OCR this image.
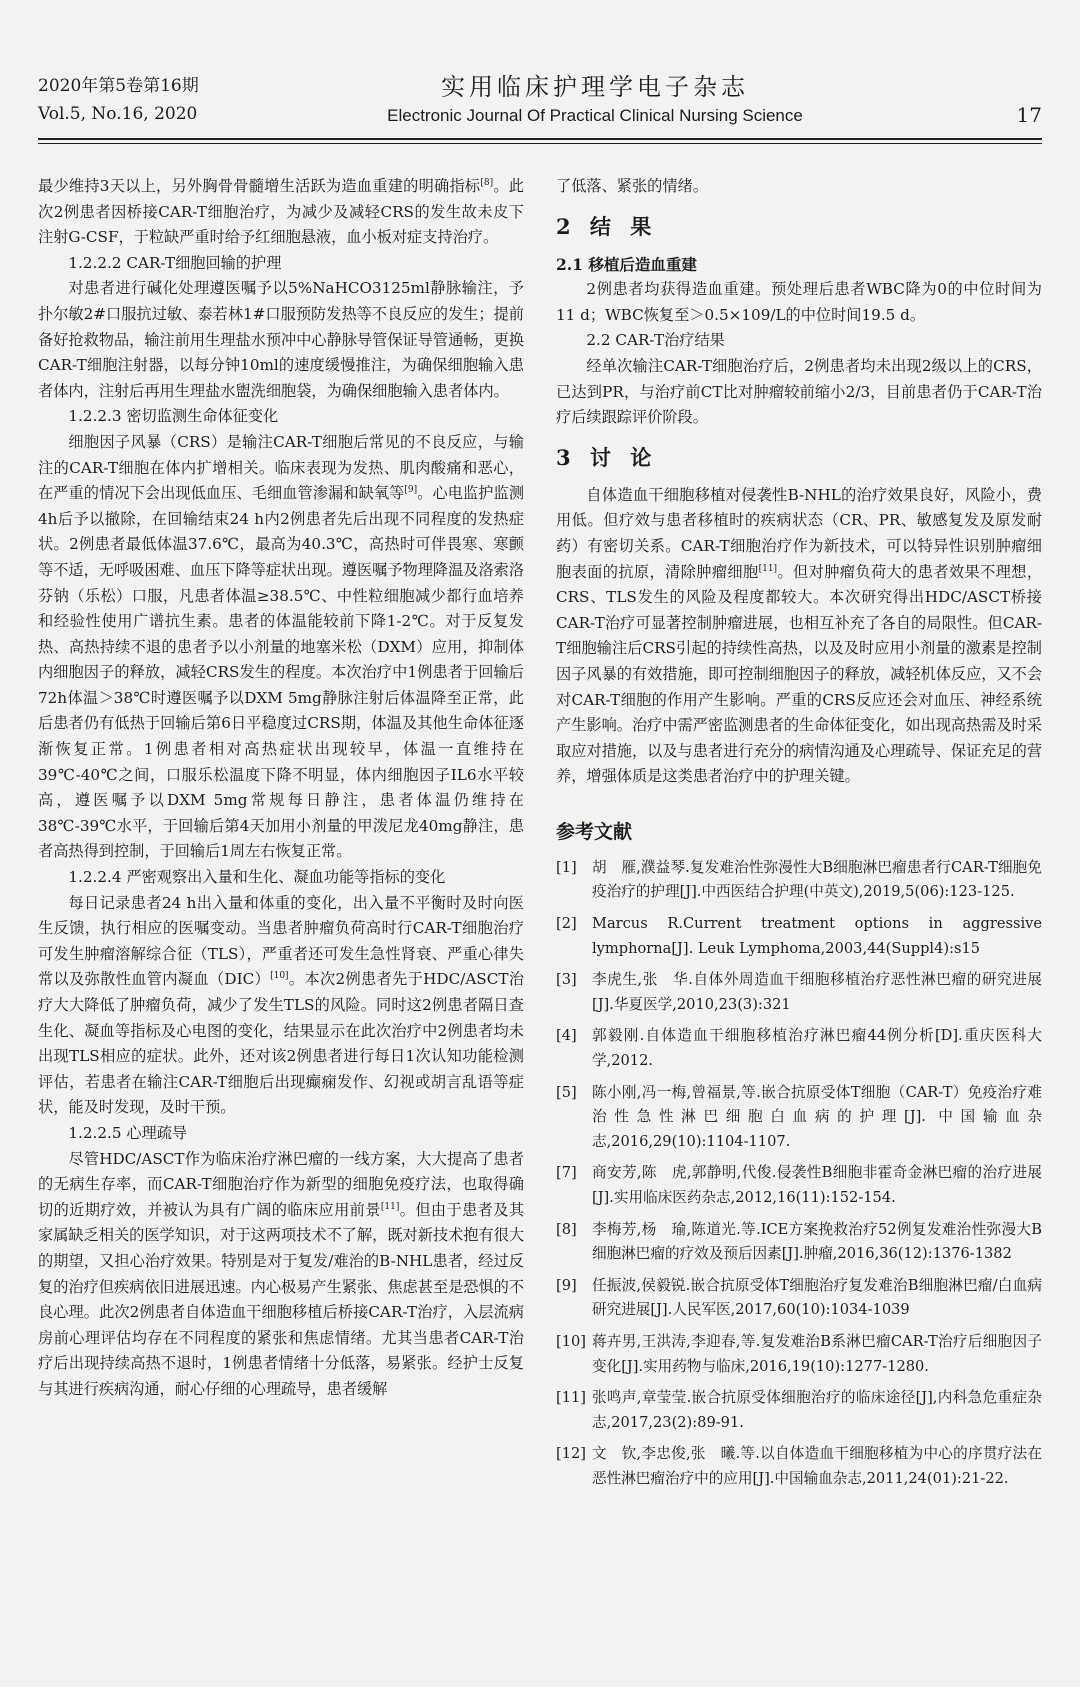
2020年第5卷第16期
Vol.5, No.16, 2020
实用临床护理学电子杂志
Electronic Journal Of Practical Clinical Nursing Science	17

最少维持3天以上，另外胸骨骨髓增生活跃为造血重建的明确指标[8]。此次2例患者因桥接CAR-T细胞治疗，为减少及减轻CRS的发生故未皮下注射G-CSF，于粒缺严重时给予红细胞悬液，血小板对症支持治疗。

1.2.2.2 CAR-T细胞回输的护理

对患者进行碱化处理遵医嘱予以5%NaHCO3125ml静脉输注，予扑尔敏2#口服抗过敏、泰若林1#口服预防发热等不良反应的发生；提前备好抢救物品，输注前用生理盐水预冲中心静脉导管保证导管通畅，更换CAR-T细胞注射器，以每分钟10ml的速度缓慢推注，为确保细胞输入患者体内，注射后再用生理盐水盥洗细胞袋，为确保细胞输入患者体内。

1.2.2.3 密切监测生命体征变化

细胞因子风暴（CRS）是输注CAR-T细胞后常见的不良反应，与输注的CAR-T细胞在体内扩增相关。临床表现为发热、肌肉酸痛和恶心，在严重的情况下会出现低血压、毛细血管渗漏和缺氧等[9]。心电监护监测4h后予以撤除，在回输结束24 h内2例患者先后出现不同程度的发热症状。2例患者最低体温37.6℃，最高为40.3℃，高热时可伴畏寒、寒颤等不适，无呼吸困难、血压下降等症状出现。遵医嘱予物理降温及洛索洛芬钠（乐松）口服，凡患者体温≥38.5℃、中性粒细胞减少都行血培养和经验性使用广谱抗生素。患者的体温能较前下降1-2℃。对于反复发热、高热持续不退的患者予以小剂量的地塞米松（DXM）应用，抑制体内细胞因子的释放，减轻CRS发生的程度。本次治疗中1例患者于回输后72h体温＞38℃时遵医嘱予以DXM 5mg静脉注射后体温降至正常，此后患者仍有低热于回输后第6日平稳度过CRS期，体温及其他生命体征逐渐恢复正常。1例患者相对高热症状出现较早，体温一直维持在39℃-40℃之间，口服乐松温度下降不明显，体内细胞因子IL6水平较高，遵医嘱予以DXM 5mg常规每日静注，患者体温仍维持在38℃-39℃水平，于回输后第4天加用小剂量的甲泼尼龙40mg静注，患者高热得到控制，于回输后1周左右恢复正常。

1.2.2.4 严密观察出入量和生化、凝血功能等指标的变化

每日记录患者24 h出入量和体重的变化，出入量不平衡时及时向医生反馈，执行相应的医嘱变动。当患者肿瘤负荷高时行CAR-T细胞治疗可发生肿瘤溶解综合征（TLS），严重者还可发生急性肾衰、严重心律失常以及弥散性血管内凝血（DIC）[10]。本次2例患者先于HDC/ASCT治疗大大降低了肿瘤负荷，减少了发生TLS的风险。同时这2例患者隔日查生化、凝血等指标及心电图的变化，结果显示在此次治疗中2例患者均未出现TLS相应的症状。此外，还对该2例患者进行每日1次认知功能检测评估，若患者在输注CAR-T细胞后出现癫痫发作、幻视或胡言乱语等症状，能及时发现，及时干预。

1.2.2.5 心理疏导

尽管HDC/ASCT作为临床治疗淋巴瘤的一线方案，大大提高了患者的无病生存率，而CAR-T细胞治疗作为新型的细胞免疫疗法，也取得确切的近期疗效，并被认为具有广阔的临床应用前景[11]。但由于患者及其家属缺乏相关的医学知识，对于这两项技术不了解，既对新技术抱有很大的期望，又担心治疗效果。特别是对于复发/难治的B-NHL患者，经过反复的治疗但疾病依旧进展迅速。内心极易产生紧张、焦虑甚至是恐惧的不良心理。此次2例患者自体造血干细胞移植后桥接CAR-T治疗，入层流病房前心理评估均存在不同程度的紧张和焦虑情绪。尤其当患者CAR-T治疗后出现持续高热不退时，1例患者情绪十分低落，易紧张。经护士反复与其进行疾病沟通，耐心仔细的心理疏导，患者缓解

了低落、紧张的情绪。

2 结 果

2.1 移植后造血重建

2例患者均获得造血重建。预处理后患者WBC降为0的中位时间为11 d；WBC恢复至＞0.5×109/L的中位时间19.5 d。

2.2 CAR-T治疗结果

经单次输注CAR-T细胞治疗后，2例患者均未出现2级以上的CRS，已达到PR，与治疗前CT比对肿瘤较前缩小2/3，目前患者仍于CAR-T治疗后续跟踪评价阶段。

3 讨 论

自体造血干细胞移植对侵袭性B-NHL的治疗效果良好，风险小，费用低。但疗效与患者移植时的疾病状态（CR、PR、敏感复发及原发耐药）有密切关系。CAR-T细胞治疗作为新技术，可以特异性识别肿瘤细胞表面的抗原，清除肿瘤细胞[11]。但对肿瘤负荷大的患者效果不理想，CRS、TLS发生的风险及程度都较大。本次研究得出HDC/ASCT桥接CAR-T治疗可显著控制肿瘤进展，也相互补充了各自的局限性。但CAR-T细胞输注后CRS引起的持续性高热，以及及时应用小剂量的激素是控制因子风暴的有效措施，即可控制细胞因子的释放，减轻机体反应，又不会对CAR-T细胞的作用产生影响。严重的CRS反应还会对血压、神经系统产生影响。治疗中需严密监测患者的生命体征变化，如出现高热需及时采取应对措施，以及与患者进行充分的病情沟通及心理疏导、保证充足的营养，增强体质是这类患者治疗中的护理关键。

参考文献
[1] 胡　雁,濮益琴.复发难治性弥漫性大B细胞淋巴瘤患者行CAR-T细胞免疫治疗的护理[J].中西医结合护理(中英文),2019,5(06):123-125.
[2] Marcus R.Current treatment options in aggressive lymphorna[J]. Leuk Lymphoma,2003,44(Suppl4):s15
[3] 李虎生,张　华.自体外周造血干细胞移植治疗恶性淋巴瘤的研究进展[J].华夏医学,2010,23(3):321
[4] 郭毅刚.自体造血干细胞移植治疗淋巴瘤44例分析[D].重庆医科大学,2012.
[5] 陈小刚,冯一梅,曾福景,等.嵌合抗原受体T细胞（CAR-T）免疫治疗难治性急性淋巴细胞白血病的护理[J]. 中国输血杂志,2016,29(10):1104-1107.
[7] 商安芳,陈　虎,郭静明,代俊.侵袭性B细胞非霍奇金淋巴瘤的治疗进展[J].实用临床医药杂志,2012,16(11):152-154.
[8] 李梅芳,杨　瑜,陈道光.等.ICE方案挽救治疗52例复发难治性弥漫大B细胞淋巴瘤的疗效及预后因素[J].肿瘤,2016,36(12):1376-1382
[9] 任振波,侯毅锐.嵌合抗原受体T细胞治疗复发难治B细胞淋巴瘤/白血病研究进展[J].人民军医,2017,60(10):1034-1039
[10] 蒋卉男,王洪涛,李迎春,等.复发难治B系淋巴瘤CAR-T治疗后细胞因子变化[J].实用药物与临床,2016,19(10):1277-1280.
[11] 张鸣声,章莹莹.嵌合抗原受体细胞治疗的临床途径[J],内科急危重症杂志,2017,23(2):89-91.
[12] 文　钦,李忠俊,张　曦.等.以自体造血干细胞移植为中心的序贯疗法在恶性淋巴瘤治疗中的应用[J].中国输血杂志,2011,24(01):21-22.
